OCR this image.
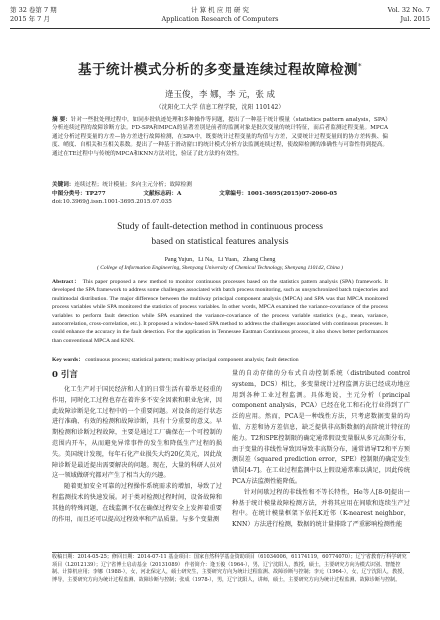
第 32 卷第 7 期
2015 年 7 月
计 算 机 应 用 研 究
Application Research of Computers
Vol. 32 No. 7
Jul. 2015
基于统计模式分析的多变量连续过程故障检测*
逄玉俊，李 娜，李 元，张 成
（沈阳化工大学 信息工程学院，沈阳 110142）
摘 要：针对一些批处理过程中，如同步批轨迹处理和多种操作等问题，提出了一种基于统计模量（statistics pattern analysis，SPA）分析连续过程的故障诊断方法。FD-SPA和MPCA的显著差别是前者的监测对象是批次变量的统计特征，而后者监测过程变量。MPCA通过分析过程变量的方差—协方差进行故障检测，在SPA中，既要统计过程变量的均值与方差，又要统计过程变量间的协方差转换、偏度、峭度、自相关和互相关系数。提出了一种基于滑动窗口的统计模式分析方法监测连续过程，使故障检测的准确性与可靠性得到提高。通过在TE过程中与传统的MPCA和KNN方法对比，验证了此方法的有效性。
关键词：连续过程；统计模量；多向主元分析；故障检测
中图分类号：TP277	文献标志码：A	文章编号：1001-3695(2015)07-2060-05
doi:10.3969/j.issn.1001-3695.2015.07.035
Study of fault-detection method in continuous process
based on statistical features analysis
Pang Yujun，Li Na，Li Yuan，Zhang Cheng
( College of Information Engineering, Shenyang University of Chemical Technology, Shenyang 110142, China )
Abstract： This paper proposed a new method to monitor continuous processes based on the statistics pattern analysis (SPA) framework. It developed the SPA framework to address some challenges associated with batch process monitoring, such as unsynchronized batch trajectories and multimodal distribution. The major difference between the multiway principal component analysis (MPCA) and SPA was that MPCA monitored process variables while SPA monitored the statistics of process variables. In other words, MPCA examined the variance-covariance of the process variables to perform fault detection while SPA examined the variance-covariance of the process variable statistics (e.g., mean, variance, autocorrelation, cross-correlation, etc.). It proposed a window-based SPA method to address the challenges associated with continuous processes. It could enhance the accuracy in the fault detection. For the application in Tennessee Eastman Continuous process, it also shows better performances than conventional MPCA and KNN.
Key words： continuous process; statistical pattern; multiway principal component analysis; fault detection
0 引言

化工生产对于国民经济和人们的日常生活有着举足轻重的作用，同时化工过程也存在着许多不安全因素和职业危害，因此故障诊断是化工过程中的一个重要问题。对设备的运行状态进行准确、有效的检测和故障诊断，具有十分重要的意义。早期检测和诊断过程故障，主要是通过工厂确保在一个可控制的范围内开车，从而避免异常事件的发生和降低生产过程的损失。美国统计发现，每年石化产业损失大约20亿美元，因此故障诊断是最近提出需要解决的问题。现在，大量的科研人员对这一领域做研究都对产生了相当大的兴趣。

随着更加安全可靠的过程操作系统需求的增加，导致了过程监测技术的快速发展。对于类对检测过程时间，设备故障和其他的特殊问题，在线监测不仅在确保过程安全上发挥着重要的作用，而且还可以提高过程效率和产品质量。与多个变量测

量的自动存储的分布式自动控制系统（distributed control system，DCS）相比，多变量统计过程监测方法已经成功地应用到各种工业过程监测。具体地说，主元分析（principal component analysis，PCA）已经在化工和石化行业得到了广泛的应用。然而，PCA是一种线性方法，只考虑数据变量的均值、方差和协方差信息，缺乏提供非高斯数据的高阶统计特征的能力。T2和SPE控制限的确定通常假设变量服从多元高斯分布，由于变量的非线性导致因导致非高斯分布，通常请导T2和平方预测误差（squared prediction error，SPE）控制限的确定发生错误[4-7]。在工业过程监测中以上假设通常难以满足，因此传统PCA方法监测性能降低。

针对间歇过程的非线性和不等长特性，He等人[8-9]提出一种基于统计模量故障检测方法，并将其应用在间歇和连续生产过程中。在统计模量框架下依托K近邻（K-nearest neighbor，KNN）方法进行检测，数据的统计量排除了严重影响检测性能

收稿日期：2014-05-25；修回日期：2014-07-11 基金项目：国家自然科学基金资助项目（61034006，61174119，60774070）；辽宁省教育厅科学研究项目（L2012139）；辽宁省博士启动基金（20131089） 作者简介：逄玉俊（1964-），男，辽宁沈阳人，教授，硕士，主要研究方向为模式识别、智能控制、计算机应用；李娜（1988-），女，河北保定人，硕士研究生，主要研究方向为统计过程监测、故障诊断与控制；李元（1964-），女，辽宁沈阳人，教授，博导，主要研究方向为统计过程监测、故障诊断与控制；张成（1978-），男，辽宁沈阳人，讲师，硕士，主要研究方向为统计过程监测、故障诊断与控制。
